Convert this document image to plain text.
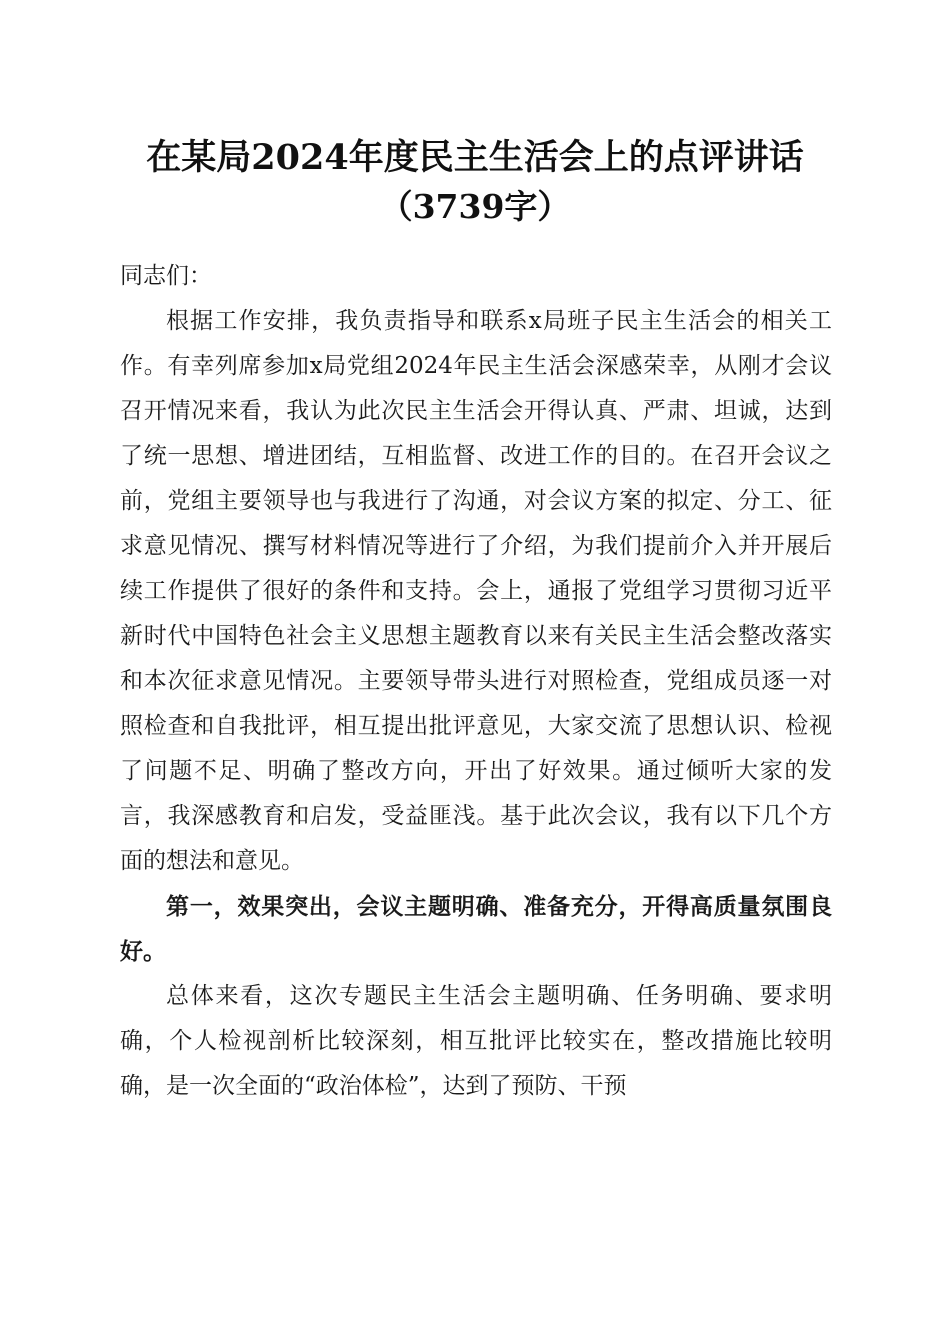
在某局2024年度民主生活会上的点评讲话
（3739字）

同志们：

根据工作安排，我负责指导和联系x局班子民主生活会的相关工作。有幸列席参加x局党组2024年民主生活会深感荣幸，从刚才会议召开情况来看，我认为此次民主生活会开得认真、严肃、坦诚，达到了统一思想、增进团结，互相监督、改进工作的目的。在召开会议之前，党组主要领导也与我进行了沟通，对会议方案的拟定、分工、征求意见情况、撰写材料情况等进行了介绍，为我们提前介入并开展后续工作提供了很好的条件和支持。会上，通报了党组学习贯彻习近平新时代中国特色社会主义思想主题教育以来有关民主生活会整改落实和本次征求意见情况。主要领导带头进行对照检查，党组成员逐一对照检查和自我批评，相互提出批评意见，大家交流了思想认识、检视了问题不足、明确了整改方向，开出了好效果。通过倾听大家的发言，我深感教育和启发，受益匪浅。基于此次会议，我有以下几个方面的想法和意见。

第一，效果突出，会议主题明确、准备充分，开得高质量氛围良好。

总体来看，这次专题民主生活会主题明确、任务明确、要求明确，个人检视剖析比较深刻，相互批评比较实在，整改措施比较明确，是一次全面的“政治体检”，达到了预防、干预
